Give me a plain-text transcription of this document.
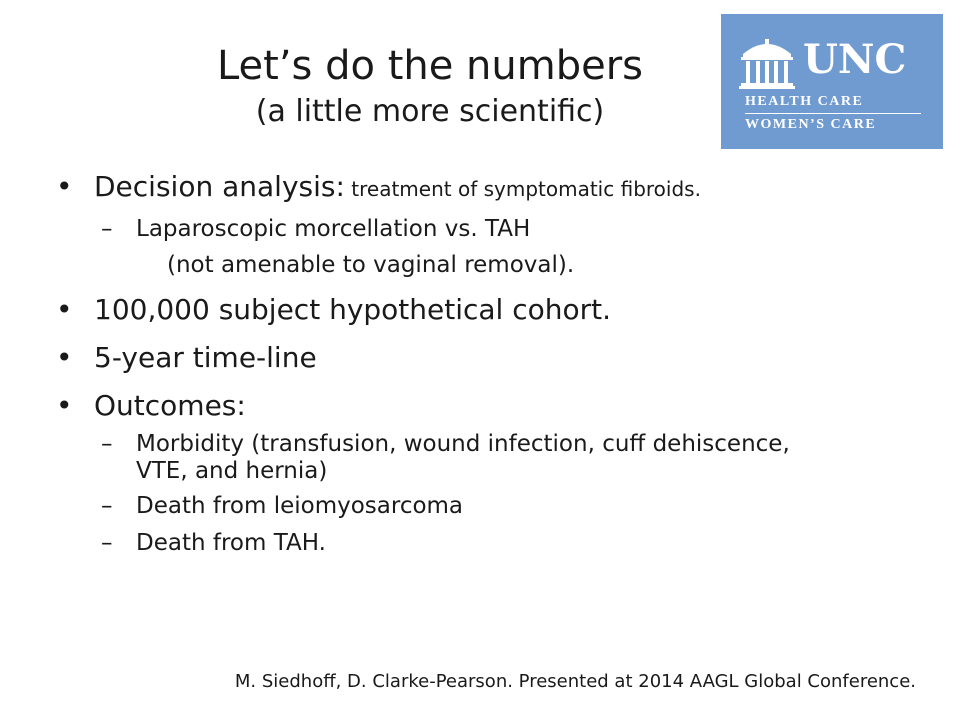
Let’s do the numbers
(a little more scientific)
UNC
HEALTH CARE
WOMEN’S CARE
• Decision analysis: treatment of symptomatic fibroids.
– Laparoscopic morcellation vs. TAH
(not amenable to vaginal removal).
• 100,000 subject hypothetical cohort.
• 5-year time-line
• Outcomes:
– Morbidity (transfusion, wound infection, cuff dehiscence, VTE, and hernia)
– Death from leiomyosarcoma
– Death from TAH.
M. Siedhoff, D. Clarke-Pearson. Presented at 2014 AAGL Global Conference.
